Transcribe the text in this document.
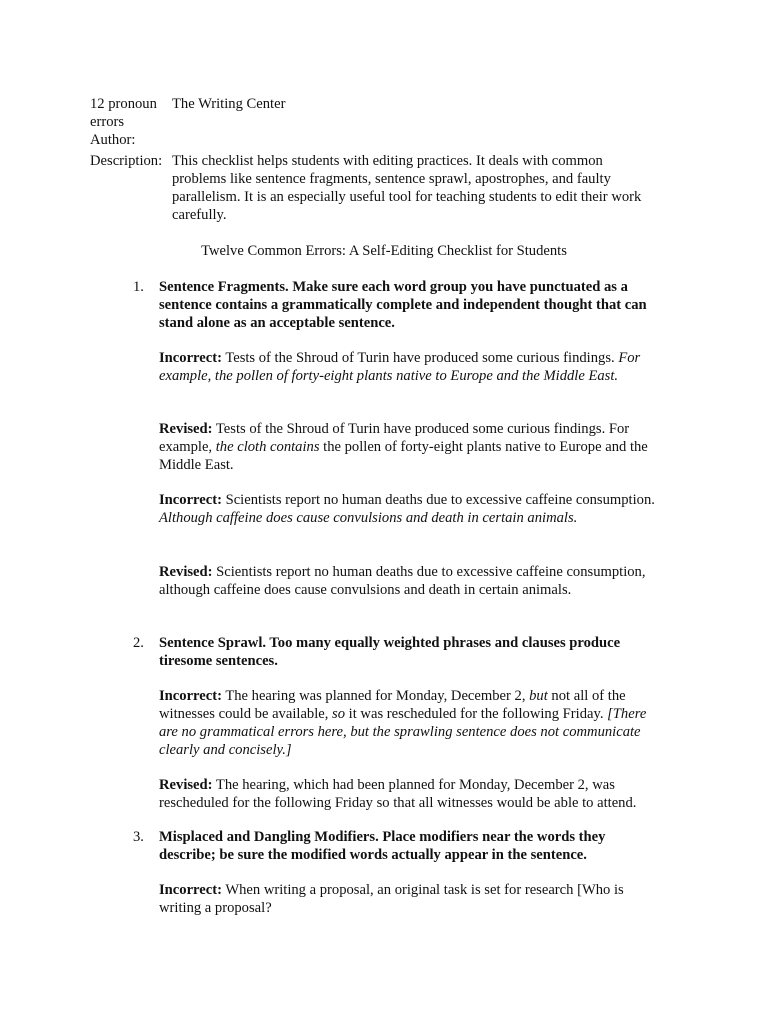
12 pronoun	The Writing Center
errors
Author:
Description: This checklist helps students with editing practices. It deals with common problems like sentence fragments, sentence sprawl, apostrophes, and faulty parallelism. It is an especially useful tool for teaching students to edit their work carefully.
Twelve Common Errors: A Self-Editing Checklist for Students
1.	Sentence Fragments. Make sure each word group you have punctuated as a sentence contains a grammatically complete and independent thought that can stand alone as an acceptable sentence.
Incorrect: Tests of the Shroud of Turin have produced some curious findings. For example, the pollen of forty-eight plants native to Europe and the Middle East.
Revised: Tests of the Shroud of Turin have produced some curious findings. For example, the cloth contains the pollen of forty-eight plants native to Europe and the Middle East.
Incorrect: Scientists report no human deaths due to excessive caffeine consumption. Although caffeine does cause convulsions and death in certain animals.
Revised: Scientists report no human deaths due to excessive caffeine consumption, although caffeine does cause convulsions and death in certain animals.
2.	Sentence Sprawl. Too many equally weighted phrases and clauses produce tiresome sentences.
Incorrect: The hearing was planned for Monday, December 2, but not all of the witnesses could be available, so it was rescheduled for the following Friday. [There are no grammatical errors here, but the sprawling sentence does not communicate clearly and concisely.]
Revised: The hearing, which had been planned for Monday, December 2, was rescheduled for the following Friday so that all witnesses would be able to attend.
3.	Misplaced and Dangling Modifiers. Place modifiers near the words they describe; be sure the modified words actually appear in the sentence.
Incorrect: When writing a proposal, an original task is set for research [Who is writing a proposal?
